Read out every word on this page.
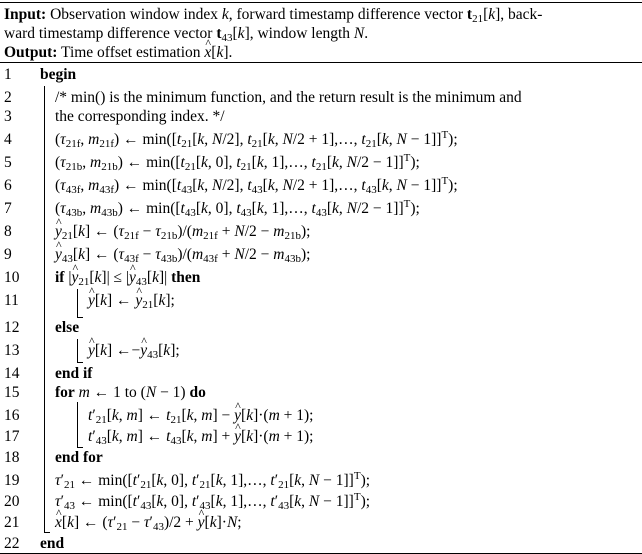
Input: Observation window index k, forward timestamp difference vector $t_{21}[k]$, back-
ward timestamp difference vector $t_{43}[k]$, window length N.
Output: Time offset estimation ^ x[k].
1
2
3
4
5
6
7
8
9
10
11
12
13
14
15
16
17
18
19
20
21
22
begin
/* min() is the minimum function, and the return result is the minimum and
the corresponding index. */
($\tau_{21f}$, $m_{21f}$) ← $\min([t_{21}[k$, N/2], $t_{21}[k$, N/2 + 1],…, $t_{21}[k$, N − 1]]$^T$);
($\tau_{21b}$, $m_{21b}$) ← $\min([t_{21}[k$, 0], $t_{21}[k$, 1],…, $t_{21}[k$, N/2 − 1]]$^T$);
($\tau_{43f}$, $m_{43f}$) ← $\min([t_{43}[k$, N/2], $t_{43}[k$, N/2 + 1],…, $t_{43}[k$, N − 1]]$^T$);
($\tau_{43b}$, $m_{43b}$) ← $\min([t_{43}[k$, 0], $t_{43}[k$, 1],…, $t_{43}[k$, N/2 − 1]]$^T$);
^ $y_{21}[k]$ ← $(\tau_{21f} - \tau_{21b})/(m_{21f} + N/2 - m_{21b})$;
^ $y_{43}[k]$ ← $(\tau_{43f} - \tau_{43b})/(m_{43f} + N/2 - m_{43b})$;
if |^ $y_{21}[k]|$ ≤ |^ $y_{43}[k]|$ then
^ y[k] ← ^ $y_{21}[k]$;
else
^ y[k] ←−^ $y_{43}[k]$;
end if
for m ← 1 to (N − 1) do
$t'_{21}[k$, m] ← $t_{21}[k$, m] − ^ y[k]·(m + 1);
$t'_{43}[k$, m] ← $t_{43}[k$, m] + ^ y[k]·(m + 1);
end for
$\tau'_{21}$ ← $\min([t'_{21}[k$, 0], $t'_{21}[k$, 1],…, $t'_{21}[k$, N − 1]]$^T$);
$\tau'_{43}$ ← $\min([t'_{43}[k$, 0], $t'_{43}[k$, 1],…, $t'_{43}[k$, N − 1]]$^T$);
^ x[k] ← $(\tau'_{21} - \tau'_{43})/2$ + ^ y[k]·N;
end
